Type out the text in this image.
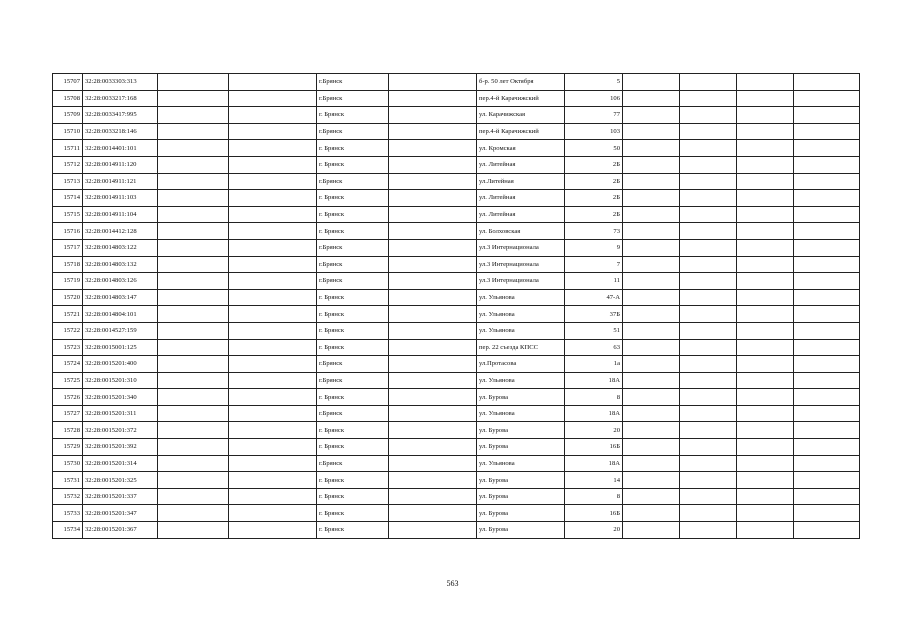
15707	32:28:0033303:313			г.Брянск		б-р. 50 лет Октября	5				
15708	32:28:0033217:168			г.Брянск		пер.4-й Карачижский	106				
15709	32:28:0033417:995			г. Брянск		ул. Карачижская	77				
15710	32:28:0033218:146			г.Брянск		пер.4-й Карачижский	103				
15711	32:28:0014401:101			г. Брянск		ул. Кромская	50				
15712	32:28:0014911:120			г. Брянск		ул. Литейная	2Б				
15713	32:28:0014911:121			г.Брянск		ул.Литейная	2Б				
15714	32:28:0014911:103			г. Брянск		ул. Литейная	2Б				
15715	32:28:0014911:104			г. Брянск		ул. Литейная	2Б				
15716	32:28:0014412:128			г. Брянск		ул. Болховская	73				
15717	32:28:0014803:122			г.Брянск		ул.3 Интернационала	9				
15718	32:28:0014803:132			г.Брянск		ул.3 Интернационала	7				
15719	32:28:0014803:126			г.Брянск		ул.3 Интернационала	11				
15720	32:28:0014803:147			г. Брянск		ул. Ульянова	47-А				
15721	32:28:0014804:101			г. Брянск		ул. Ульянова	37Б				
15722	32:28:0014527:159			г. Брянск		ул. Ульянова	51				
15723	32:28:0015001:125			г. Брянск		пер. 22 съезда КПСС	63				
15724	32:28:0015201:400			г.Брянск		ул.Протасова	1а				
15725	32:28:0015201:310			г.Брянск		ул. Ульянова	18А				
15726	32:28:0015201:340			г. Брянск		ул. Бурова	8				
15727	32:28:0015201:311			г.Брянск		ул. Ульянова	18А				
15728	32:28:0015201:372			г. Брянск		ул. Бурова	20				
15729	32:28:0015201:392			г. Брянск		ул. Бурова	16Б				
15730	32:28:0015201:314			г.Брянск		ул. Ульянова	18А				
15731	32:28:0015201:325			г. Брянск		ул. Бурова	14				
15732	32:28:0015201:337			г. Брянск		ул. Бурова	8				
15733	32:28:0015201:347			г. Брянск		ул. Бурова	16Б				
15734	32:28:0015201:367			г. Брянск		ул. Бурова	20				
563
